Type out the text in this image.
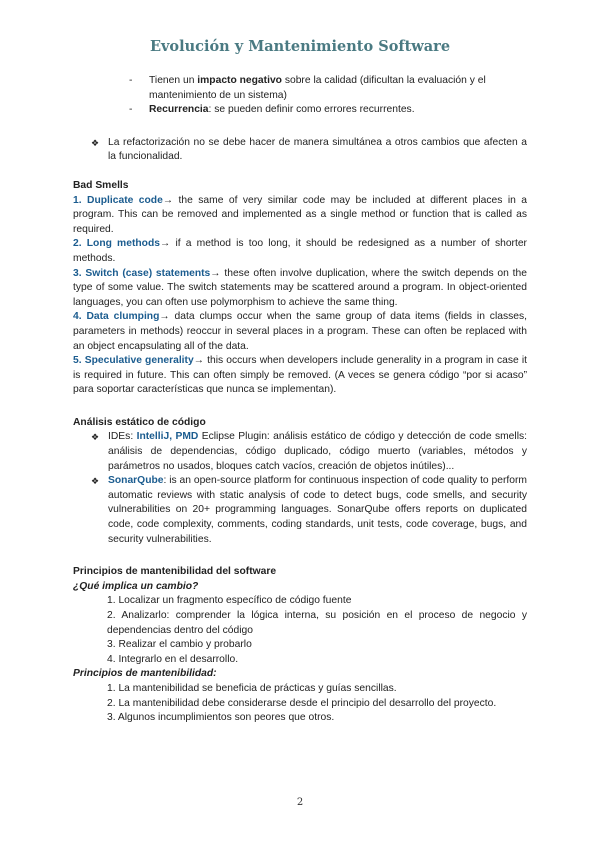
Evolución y Mantenimiento Software
-	Tienen un impacto negativo sobre la calidad (dificultan la evaluación y el mantenimiento de un sistema)
-	Recurrencia: se pueden definir como errores recurrentes.
❖ La refactorización no se debe hacer de manera simultánea a otros cambios que afecten a la funcionalidad.
Bad Smells
1. Duplicate code→ the same of very similar code may be included at different places in a program. This can be removed and implemented as a single method or function that is called as required.
2. Long methods→ if a method is too long, it should be redesigned as a number of shorter methods.
3. Switch (case) statements→ these often involve duplication, where the switch depends on the type of some value. The switch statements may be scattered around a program. In object-oriented languages, you can often use polymorphism to achieve the same thing.
4. Data clumping→ data clumps occur when the same group of data items (fields in classes, parameters in methods) reoccur in several places in a program. These can often be replaced with an object encapsulating all of the data.
5. Speculative generality→ this occurs when developers include generality in a program in case it is required in future. This can often simply be removed. (A veces se genera código “por si acaso” para soportar características que nunca se implementan).
Análisis estático de código
❖ IDEs: IntelliJ, PMD Eclipse Plugin: análisis estático de código y detección de code smells: análisis de dependencias, código duplicado, código muerto (variables, métodos y parámetros no usados, bloques catch vacíos, creación de objetos inútiles)...
❖ SonarQube: is an open-source platform for continuous inspection of code quality to perform automatic reviews with static analysis of code to detect bugs, code smells, and security vulnerabilities on 20+ programming languages. SonarQube offers reports on duplicated code, code complexity, comments, coding standards, unit tests, code coverage, bugs, and security vulnerabilities.
Principios de mantenibilidad del software

¿Qué implica un cambio?

1. Localizar un fragmento específico de código fuente
2. Analizarlo: comprender la lógica interna, su posición en el proceso de negocio y dependencias dentro del código
3. Realizar el cambio y probarlo
4. Integrarlo en el desarrollo.

Principios de mantenibilidad:

1. La mantenibilidad se beneficia de prácticas y guías sencillas.
2. La mantenibilidad debe considerarse desde el principio del desarrollo del proyecto.
3. Algunos incumplimientos son peores que otros.
2
